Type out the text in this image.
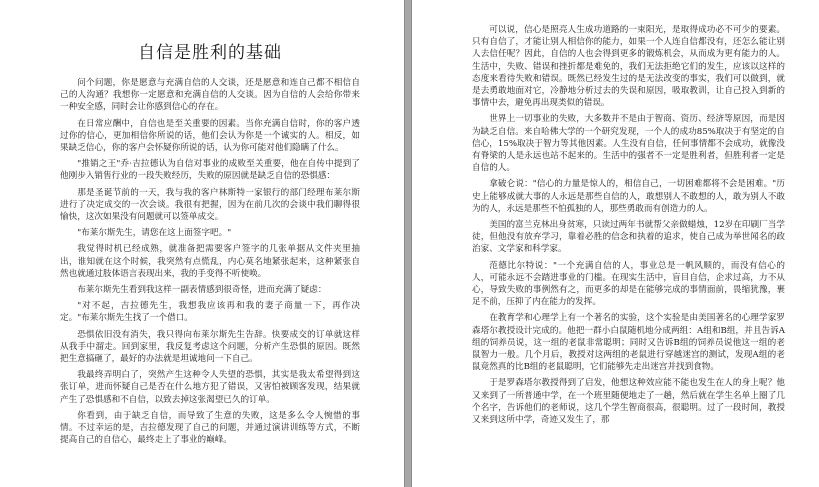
自信是胜利的基础

问个问题，你是愿意与充满自信的人交谈，还是愿意和连自己都不相信自己的人沟通？我想你一定愿意和充满自信的人交谈。因为自信的人会给你带来一种安全感，同时会让你感到信心的存在。

在日常应酬中，自信也是至关重要的因素。当你充满自信时，你的客户透过你的信心，更加相信你所说的话，他们会认为你是一个诚实的人。相反，如果缺乏信心，你的客户会怀疑你所说的话，认为你可能对他们隐瞒了什么。

"推销之王"乔·吉拉德认为自信对事业的成败至关重要，他在自传中提到了他刚步入销售行业的一段失败经历，失败的原因就是缺乏自信的恐惧感：

那是圣诞节前的一天，我与我的客户林斯特一家银行的部门经理布莱尔斯进行了决定成交的一次会谈。我很有把握，因为在前几次的会谈中我们聊得很愉快，这次如果没有问题就可以签单成交。

"布莱尔斯先生，请您在这上面签字吧。"

我觉得时机已经成熟，就准备把需要客户签字的几张单据从文件夹里抽出，谁知就在这个时候，我突然有点慌乱，内心莫名地紧张起来，这种紧张自然也就通过肢体语言表现出来，我的手变得不听使唤。

布莱尔斯先生看到我这样一副表情感到很奇怪，进而充满了疑虑：

"对不起，吉拉德先生，我想我应该再和我的妻子商量一下，再作决定。"布莱尔斯先生找了一个借口。

恐惧依旧没有消失，我只得向布莱尔斯先生告辞。快要成交的订单就这样从我手中溜走。回到家里，我反复考虑这个问题，分析产生恐惧的原因。既然把生意搞砸了，最好的办法就是坦诚地问一下自己。

我最终弄明白了，突然产生这种令人失望的恐惧，其实是我太希望得到这张订单，进而怀疑自己是否在什么地方犯了错误，又害怕被顾客发现，结果就产生了恐惧感和不自信，以致去掉这张渴望已久的订单。

你看到，由于缺乏自信，而导致了生意的失败，这是多么令人惋惜的事情。不过幸运的是，吉拉德发现了自己的问题，并通过演讲训练等方式，不断提高自己的自信心，最终走上了事业的巅峰。

可以说，信心是照亮人生成功道路的一束阳光，是取得成功必不可少的要素。只有自信了，才能让别人相信你的能力，如果一个人连自信都没有，还怎么能让别人去信任呢？因此，自信的人也会得到更多的锻炼机会，从而成为更有能力的人。生活中，失败、错误和挫折都是难免的，我们无法拒绝它们的发生，应该以这样的态度来看待失败和错误。既然已经发生过的是无法改变的事实，我们可以做到，就是去勇敢地面对它，冷静地分析过去的失误和原因，吸取教训，让自己投入到新的事情中去，避免再出现类似的错误。

世界上一切事业的失败，大多数并不是由于智商、资历、经济等原因，而是因为缺乏自信。来自哈佛大学的一个研究发现，一个人的成功85%取决于有坚定的自信心，15%取决于智力等其他因素。人生没有自信，任何事情都不会成功，就像没有脊梁的人是永远也站不起来的。生活中的强者不一定是胜利者，但胜利者一定是自信的人。

拿破仑说："信心的力量是惊人的，相信自己，一切困难都将不会是困难。"历史上能够成就大事的人永远是那些自信的人，敢想别人不敢想的人，敢为别人不敢为的人，永远是那些不怕孤独的人，那些勇敢而有创造力的人。

美国的富兰克林出身贫寒，只读过两年书就帮父亲做蜡烛，12岁在印刷厂当学徒，但他没有放弃学习，靠着必胜的信念和执着的追求，使自己成为举世闻名的政治家、文学家和科学家。

范德比尔特说："一个充满自信的人，事业总是一帆风顺的，而没有信心的人，可能永远不会踏进事业的门槛。在现实生活中，盲目自信，企求过高，力不从心，导致失败的事例然有之，而更多的却是在能够完成的事情面前，畏缩犹豫，裹足不前，压抑了内在能力的发挥。

在教育学和心理学上有一个著名的实验，这个实验是由美国著名的心理学家罗森塔尔教授设计完成的。他把一群小白鼠随机地分成两组：A组和B组，并且告诉A组的饲养员说，这一组的老鼠非常聪明；同时又告诉B组的饲养员说他这一组的老鼠智力一般。几个月后，教授对这两组的老鼠进行穿越迷宫的测试，发现A组的老鼠竟然真的比B组的老鼠聪明，它们能够先走出迷宫并找到食物。

于是罗森塔尔教授得到了启发，他想这种效应能不能也发生在人的身上呢？他又来到了一所普通中学，在一个班里随便地走了一趟，然后就在学生名单上圈了几个名字，告诉他们的老师说，这几个学生智商很高，很聪明。过了一段时间，教授又来到这所中学，奇迹又发生了，那
